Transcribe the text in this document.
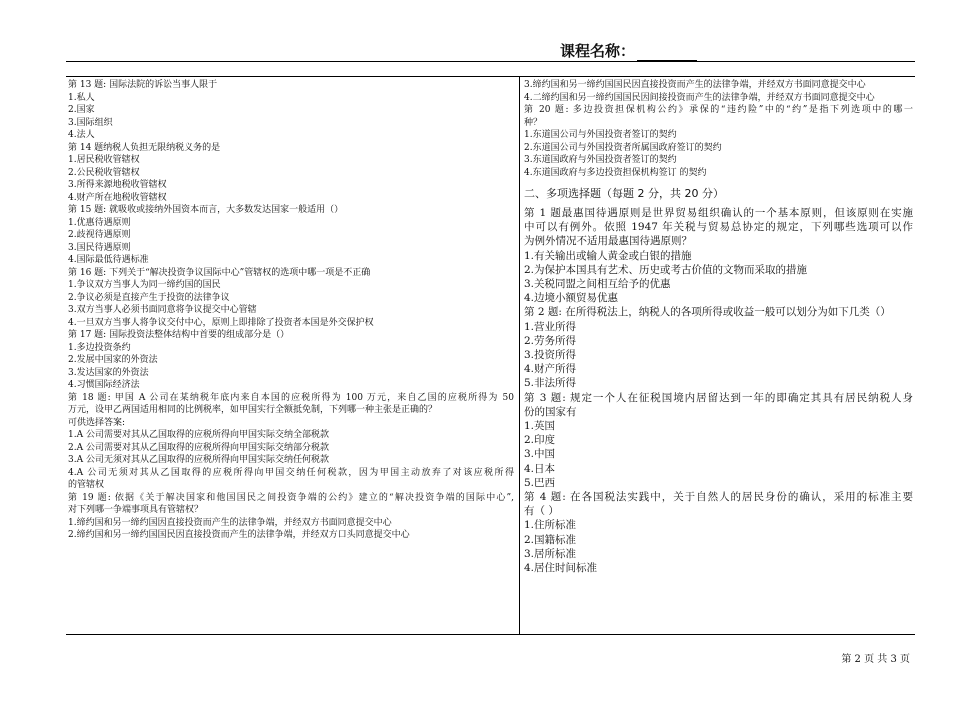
课程名称：
第 13 题: 国际法院的诉讼当事人限于
1.私人
2.国家
3.国际组织
4.法人
第 14 题纳税人负担无限纳税义务的是
1.居民税收管辖权
2.公民税收管辖权
3.所得来源地税收管辖权
4.财产所在地税收管辖权
第 15 题: 就吸收或接纳外国资本而言，大多数发达国家一般适用（）
1.优惠待遇原则
2.歧视待遇原则
3.国民待遇原则
4.国际最低待遇标准
第 16 题: 下列关于“解决投资争议国际中心”管辖权的选项中哪一项是不正确
1.争议双方当事人为同一缔约国的国民
2.争议必须是直接产生于投资的法律争议
3.双方当事人必须书面同意将争议提交中心管辖
4.一旦双方当事人将争议交付中心，原则上即排除了投资者本国是外交保护权
第 17 题: 国际投资法整体结构中首要的组成部分是（）
1.多边投资条约
2.发展中国家的外资法
3.发达国家的外资法
4.习惯国际经济法
第 18 题: 甲国 A 公司在某纳税年底内来自本国的应税所得为 100 万元，来自乙国的应税所得为 50
万元，设甲乙两国适用相同的比例税率，如甲国实行全额抵免制，下列哪一种主张是正确的？
可供选择答案:
1.A 公司需要对其从乙国取得的应税所得向甲国实际交纳全部税款
2.A 公司需要对其从乙国取得的应税所得向甲国实际交纳部分税款
3.A 公司无须对其从乙国取得的应税所得向甲国实际交纳任何税款
4.A 公司无须对其从乙国取得的应税所得向甲国交纳任何税款，因为甲国主动放弃了对该应税所得
的管辖权
第 19 题: 依据《关于解决国家和他国国民之间投资争端的公约》建立的“解决投资争端的国际中心”,
对下列哪一争端事项具有管辖权？
1.缔约国和另一缔约国因直接投资而产生的法律争端，并经双方书面同意提交中心
2.缔约国和另一缔约国国民因直接投资而产生的法律争端，并经双方口头同意提交中心
3.缔约国和另一缔约国国民因直接投资而产生的法律争端，并经双方书面同意提交中心
4.二缔约国和另一缔约国国民因间接投资而产生的法律争端，并经双方书面同意提交中心
第 20 题: 多边投资担保机构公约》承保的“违约险”中的“约”是指下列选项中的哪一
种？
1.东道国公司与外国投资者签订的契约
2.东道国公司与外国投资者所属国政府签订的契约
3.东道国政府与外国投资者签订的契约
4.东道国政府与多边投资担保机构签订 的契约
二、多项选择题（每题 2 分，共 20 分）
第 1 题最惠国待遇原则是世界贸易组织确认的一个基本原则，但该原则在实施
中可以有例外。依照 1947 年关税与贸易总协定的规定，下列哪些选项可以作
为例外情况不适用最惠国待遇原则？
1.有关输出或输人黄金或白银的措施
2.为保护本国具有艺术、历史或考古价值的文物而采取的措施
3.关税同盟之间相互给予的优惠
4.边境小额贸易优惠
第 2 题: 在所得税法上，纳税人的各项所得或收益一般可以划分为如下几类（）
1.营业所得
2.劳务所得
3.投资所得
4.财产所得
5.非法所得
第 3 题: 规定一个人在征税国境内居留达到一年的即确定其具有居民纳税人身
份的国家有
1.英国
2.印度
3.中国
4.日本
5.巴西
第 4 题: 在各国税法实践中，关于自然人的居民身份的确认，采用的标准主要
有（ ）
1.住所标准
2.国籍标准
3.居所标准
4.居住时间标准
第 2 页 共 3 页
